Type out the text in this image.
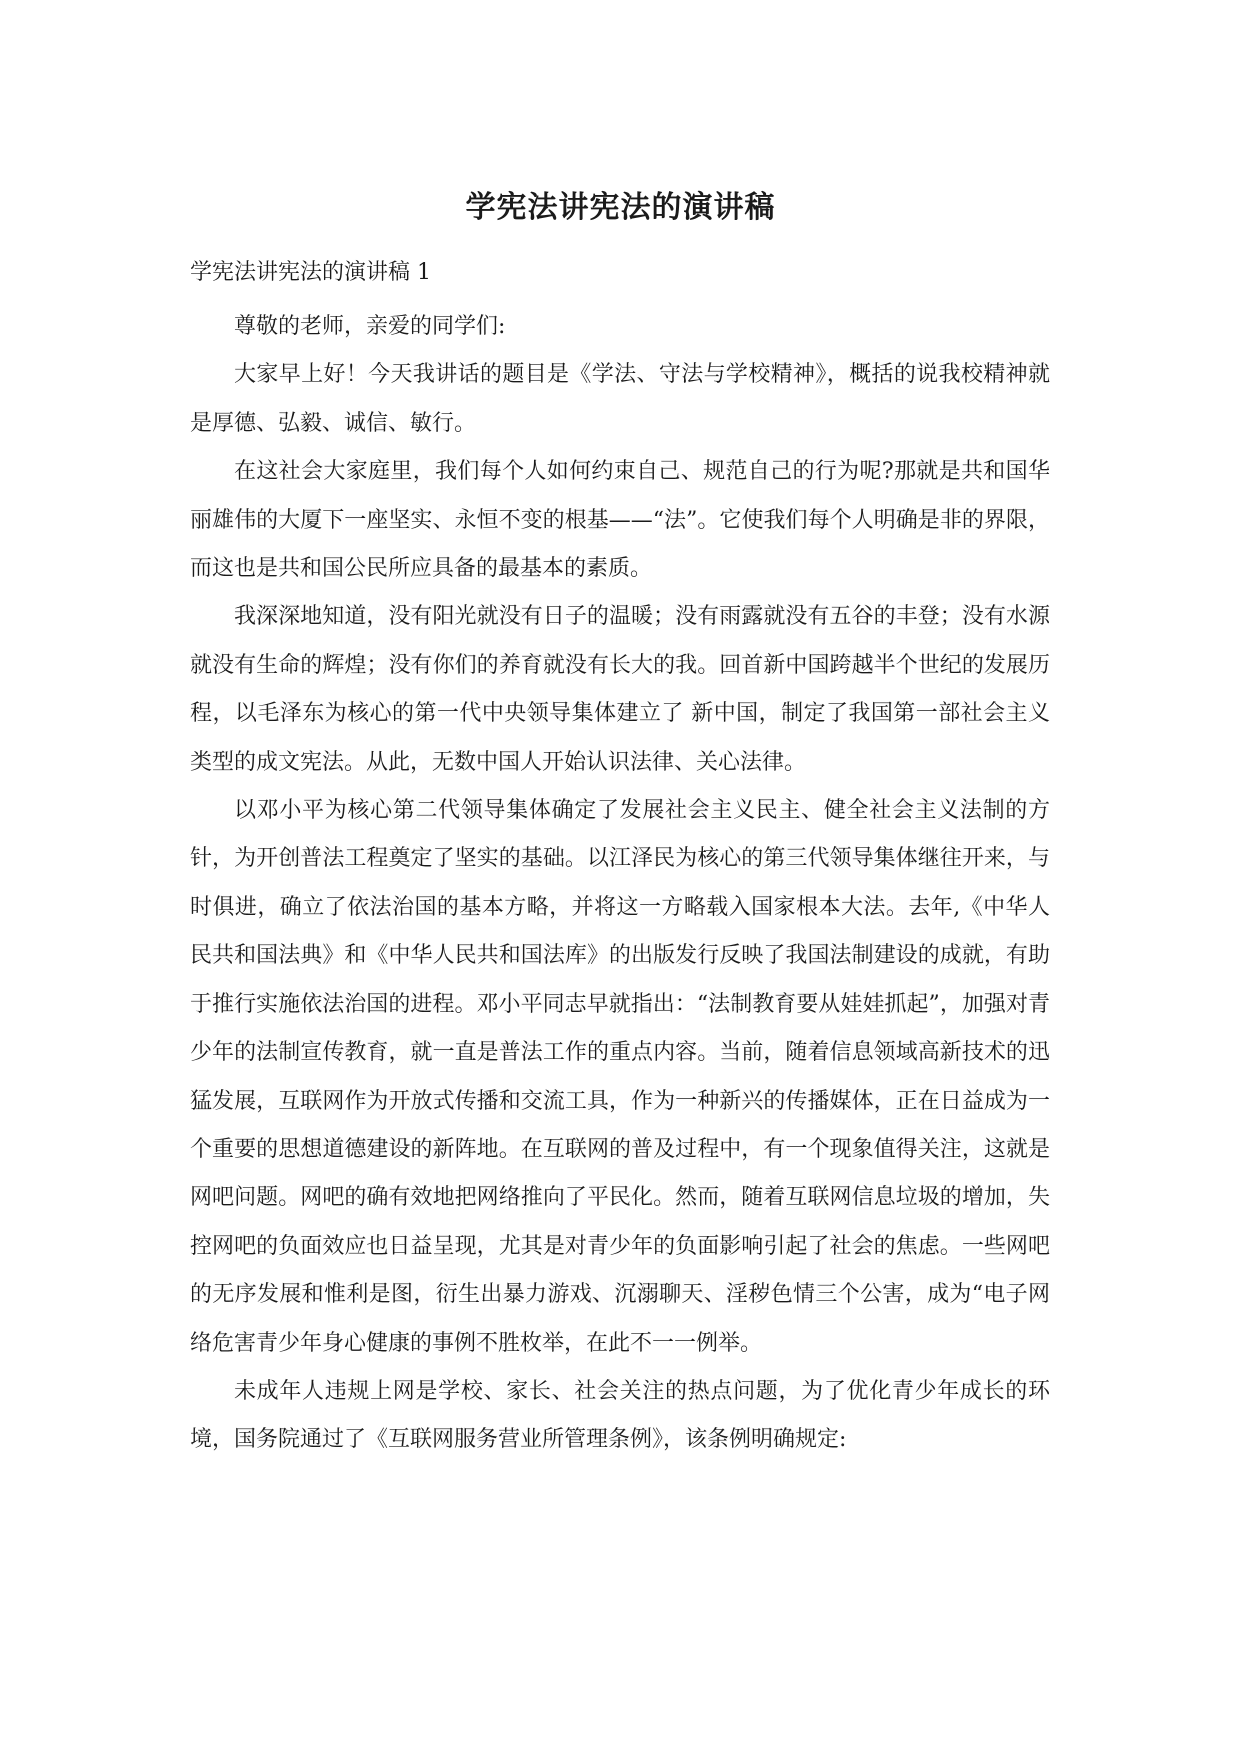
学宪法讲宪法的演讲稿

学宪法讲宪法的演讲稿 1

尊敬的老师，亲爱的同学们:

大家早上好！今天我讲话的题目是《学法、守法与学校精神》，概括的说我校精神就是厚德、弘毅、诚信、敏行。

在这社会大家庭里，我们每个人如何约束自己、规范自己的行为呢?那就是共和国华丽雄伟的大厦下一座坚实、永恒不变的根基——“法”。它使我们每个人明确是非的界限，而这也是共和国公民所应具备的最基本的素质。

我深深地知道，没有阳光就没有日子的温暖；没有雨露就没有五谷的丰登；没有水源就没有生命的辉煌；没有你们的养育就没有长大的我。回首新中国跨越半个世纪的发展历程，以毛泽东为核心的第一代中央领导集体建立了 新中国，制定了我国第一部社会主义类型的成文宪法。从此，无数中国人开始认识法律、关心法律。

以邓小平为核心第二代领导集体确定了发展社会主义民主、健全社会主义法制的方针，为开创普法工程奠定了坚实的基础。以江泽民为核心的第三代领导集体继往开来，与时俱进，确立了依法治国的基本方略，并将这一方略载入国家根本大法。去年,《中华人民共和国法典》和《中华人民共和国法库》的出版发行反映了我国法制建设的成就，有助于推行实施依法治国的进程。邓小平同志早就指出：“法制教育要从娃娃抓起”，加强对青少年的法制宣传教育，就一直是普法工作的重点内容。当前，随着信息领域高新技术的迅猛发展，互联网作为开放式传播和交流工具，作为一种新兴的传播媒体，正在日益成为一个重要的思想道德建设的新阵地。在互联网的普及过程中，有一个现象值得关注，这就是网吧问题。网吧的确有效地把网络推向了平民化。然而，随着互联网信息垃圾的增加，失控网吧的负面效应也日益呈现，尤其是对青少年的负面影响引起了社会的焦虑。一些网吧的无序发展和惟利是图，衍生出暴力游戏、沉溺聊天、淫秽色情三个公害，成为“电子网络危害青少年身心健康的事例不胜枚举，在此不一一例举。

未成年人违规上网是学校、家长、社会关注的热点问题，为了优化青少年成长的环境，国务院通过了《互联网服务营业所管理条例》，该条例明确规定:
